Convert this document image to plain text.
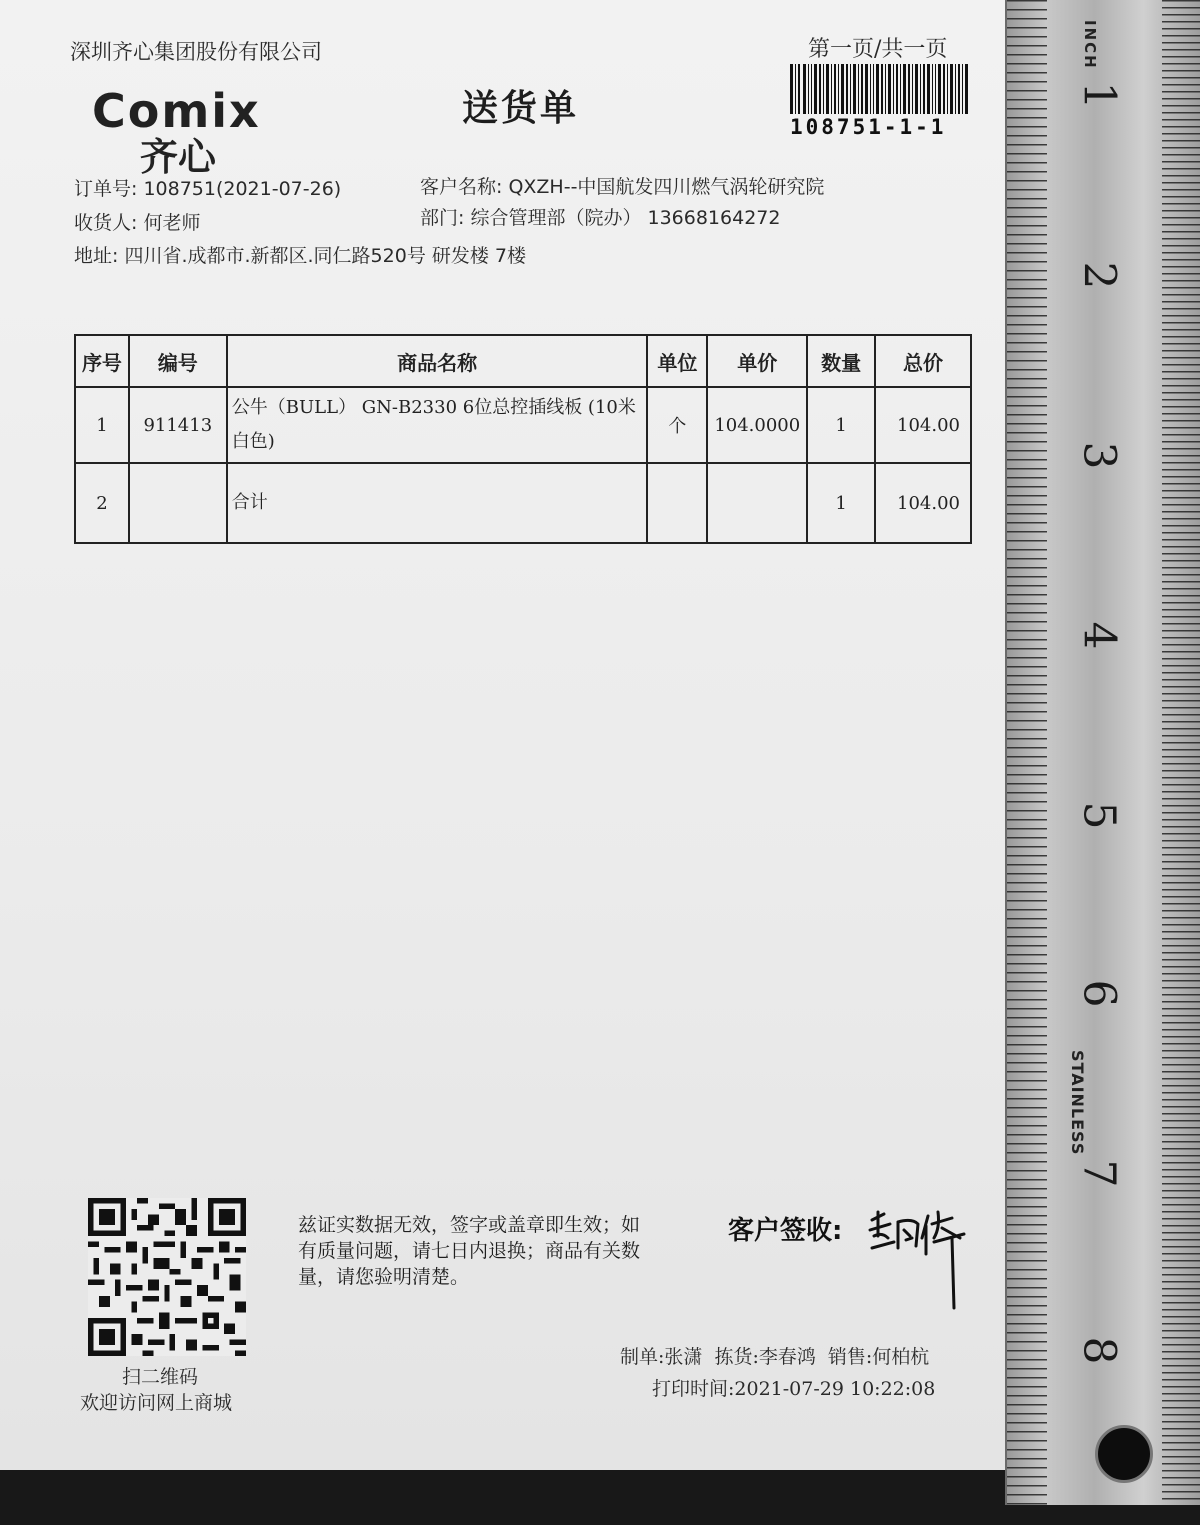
深圳齐心集团股份有限公司	第一页/共一页
108751-1-1
Comix
齐心
送货单
订单号: 108751(2021-07-26)	客户名称: QXZH--中国航发四川燃气涡轮研究院
收货人: 何老师	部门: 综合管理部（院办） 13668164272
地址: 四川省.成都市.新都区.同仁路520号 研发楼 7楼
序号	编号	商品名称	单位	单价	数量	总价
1	911413	公牛（BULL） GN-B2330 6位总控插线板 (10米白色)	个	104.0000	1	104.00
2		合计			1	104.00
扫二维码
欢迎访问网上商城
兹证实数据无效，签字或盖章即生效；如有质量问题，请七日内退换；商品有关数量，请您验明清楚。
客户签收:
制单:张潇 拣货:李春鸿 销售:何柏杭
打印时间:2021-07-29 10:22:08
INCH
1
2
3
4
5
6
7
8
STAINLESS
